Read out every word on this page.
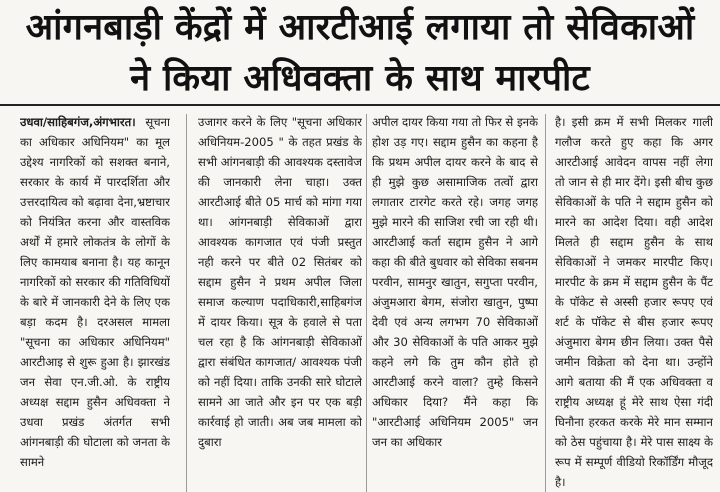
आंगनबाड़ी केंद्रों में आरटीआई लगाया तो सेविकाओं
ने किया अधिवक्ता के साथ मारपीट

उधवा/साहिबगंज,अंगभारत। सूचना का अधिकार अधिनियम" का मूल उद्देश्य नागरिकों को सशक्त बनाने, सरकार के कार्य में पारदर्शिता और उत्तरदायित्व को बढ़ावा देना,भ्रष्टाचार को नियंत्रित करना और वास्तविक अर्थों में हमारे लोकतंत्र के लोगों के लिए कामयाब बनाना है। यह कानून नागरिकों को सरकार की गतिविधियों के बारे में जानकारी देने के लिए एक बड़ा कदम है। दरअसल मामला "सूचना का अधिकार अधिनियम" आरटीआइ से शुरू हुआ है। झारखंड जन सेवा एन.जी.ओ. के राष्ट्रीय अध्यक्ष सद्दाम हुसैन अधिवक्ता ने उधवा प्रखंड अंतर्गत सभी आंगनबाड़ी की घोटाला को जनता के सामने

उजागर करने के लिए "सूचना अधिकार अधिनियम-2005 " के तहत प्रखंड के सभी आंगनबाड़ी की आवश्यक दस्तावेज की जानकारी लेना चाहा। उक्त आरटीआई बीते 05 मार्च को मांगा गया था। आंगनबाड़ी सेविकाओं द्वारा आवश्यक कागजात एवं पंजी प्रस्तुत नही करने पर बीते 02 सितंबर को सद्दाम हुसैन ने प्रथम अपील जिला समाज कल्याण पदाधिकारी,साहिबगंज में दायर किया। सूत्र के हवाले से पता चल रहा है कि आंगनबाड़ी सेविकाओं द्वारा संबंधित कागजात/ आवश्यक पंजी को नहीं दिया। ताकि उनकी सारे घोटाले सामने आ जाते और इन पर एक बड़ी कार्रवाई हो जाती। अब जब मामला को दुबारा

अपील दायर किया गया तो फिर से इनके होश उड़ गए। सद्दाम हुसैन का कहना है कि प्रथम अपील दायर करने के बाद से ही मुझे कुछ असामाजिक तत्वों द्वारा लगातार टारगेट करते रहे। जगह जगह मुझे मारने की साजिश रची जा रही थी। आरटीआई कर्ता सद्दाम हुसैन ने आगे कहा की बीते बुधवार को सेविका सबनम परवीन, सामनुर खातुन, सगुप्ता परवीन, अंजुमआरा बेगम, संजोरा खातुन, पुष्पा देवी एवं अन्य लगभग 70 सेविकाओं और 30 सेविकाओं के पति आकर मुझे कहने लगे कि तुम कौन होते हो आरटीआई करने वाला? तुम्हे किसने अधिकार दिया? मैंने कहा कि "आरटीआई अधिनियम 2005" जन जन का अधिकार

है। इसी क्रम में सभी मिलकर गाली गलौज करते हुए कहा कि अगर आरटीआई आवेदन वापस नहीं लेगा तो जान से ही मार देंगे। इसी बीच कुछ सेविकाओं के पति ने सद्दाम हुसैन को मारने का आदेश दिया। वही आदेश मिलते ही सद्दाम हुसैन के साथ सेविकाओं ने जमकर मारपीट किए। मारपीट के क्रम में सद्दाम हुसैन के पैंट के पॉकेट से अस्सी हजार रूपए एवं शर्ट के पॉकेट से बीस हजार रूपए अंजुमारा बेगम छीन लिया। उक्त पैसे जमीन विक्रेता को देना था। उन्होंने आगे बताया की मैं एक अधिवक्ता व राष्ट्रीय अध्यक्ष हूं मेरे साथ ऐसा गंदी घिनौना हरकत करके मेरे मान सम्मान को ठेस पहुंचाया है। मेरे पास साक्ष्य के रूप में सम्पूर्ण वीडियो रिकॉर्डिंग मौजूद है।
